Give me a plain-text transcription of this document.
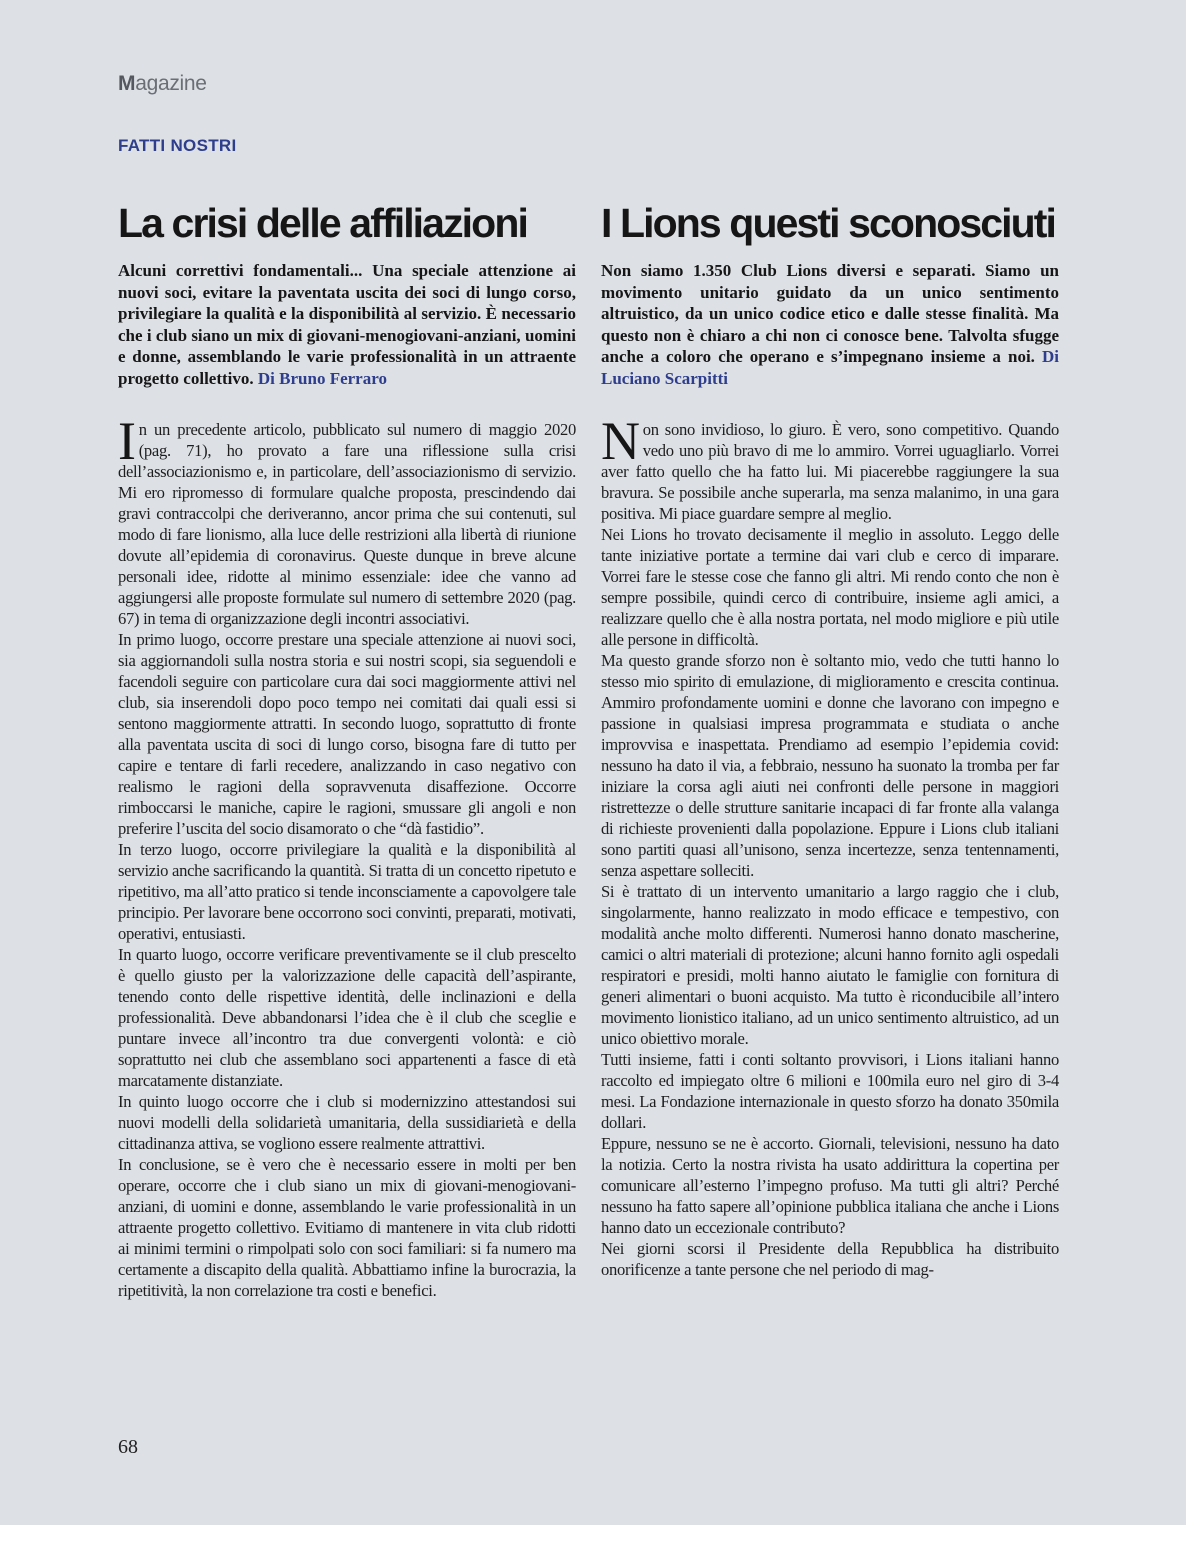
Magazine
FATTI NOSTRI
La crisi delle affiliazioni

Alcuni correttivi fondamentali... Una speciale attenzione ai nuovi soci, evitare la paventata uscita dei soci di lungo corso, privilegiare la qualità e la disponibilità al servizio. È necessario che i club siano un mix di giovani-menogiovani-anziani, uomini e donne, assemblando le varie professionalità in un attraente progetto collettivo. Di Bruno Ferraro

In un precedente articolo, pubblicato sul numero di maggio 2020 (pag. 71), ho provato a fare una riflessione sulla crisi dell’associazionismo e, in particolare, dell’associazionismo di servizio. Mi ero ripromesso di formulare qualche proposta, prescindendo dai gravi contraccolpi che deriveranno, ancor prima che sui contenuti, sul modo di fare lionismo, alla luce delle restrizioni alla libertà di riunione dovute all’epidemia di coronavirus. Queste dunque in breve alcune personali idee, ridotte al minimo essenziale: idee che vanno ad aggiungersi alle proposte formulate sul numero di settembre 2020 (pag. 67) in tema di organizzazione degli incontri associativi.

In primo luogo, occorre prestare una speciale attenzione ai nuovi soci, sia aggiornandoli sulla nostra storia e sui nostri scopi, sia seguendoli e facendoli seguire con particolare cura dai soci maggiormente attivi nel club, sia inserendoli dopo poco tempo nei comitati dai quali essi si sentono maggiormente attratti. In secondo luogo, soprattutto di fronte alla paventata uscita di soci di lungo corso, bisogna fare di tutto per capire e tentare di farli recedere, analizzando in caso negativo con realismo le ragioni della sopravvenuta disaffezione. Occorre rimboccarsi le maniche, capire le ragioni, smussare gli angoli e non preferire l’uscita del socio disamorato o che “dà fastidio”.

In terzo luogo, occorre privilegiare la qualità e la disponibilità al servizio anche sacrificando la quantità. Si tratta di un concetto ripetuto e ripetitivo, ma all’atto pratico si tende inconsciamente a capovolgere tale principio. Per lavorare bene occorrono soci convinti, preparati, motivati, operativi, entusiasti.

In quarto luogo, occorre verificare preventivamente se il club prescelto è quello giusto per la valorizzazione delle capacità dell’aspirante, tenendo conto delle rispettive identità, delle inclinazioni e della professionalità. Deve abbandonarsi l’idea che è il club che sceglie e puntare invece all’incontro tra due convergenti volontà: e ciò soprattutto nei club che assemblano soci appartenenti a fasce di età marcatamente distanziate.

In quinto luogo occorre che i club si modernizzino attestandosi sui nuovi modelli della solidarietà umanitaria, della sussidiarietà e della cittadinanza attiva, se vogliono essere realmente attrattivi.

In conclusione, se è vero che è necessario essere in molti per ben operare, occorre che i club siano un mix di giovani-menogiovani-anziani, di uomini e donne, assemblando le varie professionalità in un attraente progetto collettivo. Evitiamo di mantenere in vita club ridotti ai minimi termini o rimpolpati solo con soci familiari: si fa numero ma certamente a discapito della qualità. Abbattiamo infine la burocrazia, la ripetitività, la non correlazione tra costi e benefici.

I Lions questi sconosciuti

Non siamo 1.350 Club Lions diversi e separati. Siamo un movimento unitario guidato da un unico sentimento altruistico, da un unico codice etico e dalle stesse finalità. Ma questo non è chiaro a chi non ci conosce bene. Talvolta sfugge anche a coloro che operano e s’impegnano insieme a noi. Di Luciano Scarpitti

Non sono invidioso, lo giuro. È vero, sono competitivo. Quando vedo uno più bravo di me lo ammiro. Vorrei uguagliarlo. Vorrei aver fatto quello che ha fatto lui. Mi piacerebbe raggiungere la sua bravura. Se possibile anche superarla, ma senza malanimo, in una gara positiva. Mi piace guardare sempre al meglio.

Nei Lions ho trovato decisamente il meglio in assoluto. Leggo delle tante iniziative portate a termine dai vari club e cerco di imparare. Vorrei fare le stesse cose che fanno gli altri. Mi rendo conto che non è sempre possibile, quindi cerco di contribuire, insieme agli amici, a realizzare quello che è alla nostra portata, nel modo migliore e più utile alle persone in difficoltà.

Ma questo grande sforzo non è soltanto mio, vedo che tutti hanno lo stesso mio spirito di emulazione, di miglioramento e crescita continua. Ammiro profondamente uomini e donne che lavorano con impegno e passione in qualsiasi impresa programmata e studiata o anche improvvisa e inaspettata. Prendiamo ad esempio l’epidemia covid: nessuno ha dato il via, a febbraio, nessuno ha suonato la tromba per far iniziare la corsa agli aiuti nei confronti delle persone in maggiori ristrettezze o delle strutture sanitarie incapaci di far fronte alla valanga di richieste provenienti dalla popolazione. Eppure i Lions club italiani sono partiti quasi all’unisono, senza incertezze, senza tentennamenti, senza aspettare solleciti.

Si è trattato di un intervento umanitario a largo raggio che i club, singolarmente, hanno realizzato in modo efficace e tempestivo, con modalità anche molto differenti. Numerosi hanno donato mascherine, camici o altri materiali di protezione; alcuni hanno fornito agli ospedali respiratori e presidi, molti hanno aiutato le famiglie con fornitura di generi alimentari o buoni acquisto. Ma tutto è riconducibile all’intero movimento lionistico italiano, ad un unico sentimento altruistico, ad un unico obiettivo morale.

Tutti insieme, fatti i conti soltanto provvisori, i Lions italiani hanno raccolto ed impiegato oltre 6 milioni e 100mila euro nel giro di 3-4 mesi. La Fondazione internazionale in questo sforzo ha donato 350mila dollari.

Eppure, nessuno se ne è accorto. Giornali, televisioni, nessuno ha dato la notizia. Certo la nostra rivista ha usato addirittura la copertina per comunicare all’esterno l’impegno profuso. Ma tutti gli altri? Perché nessuno ha fatto sapere all’opinione pubblica italiana che anche i Lions hanno dato un eccezionale contributo?

Nei giorni scorsi il Presidente della Repubblica ha distribuito onorificenze a tante persone che nel periodo di mag-

68
